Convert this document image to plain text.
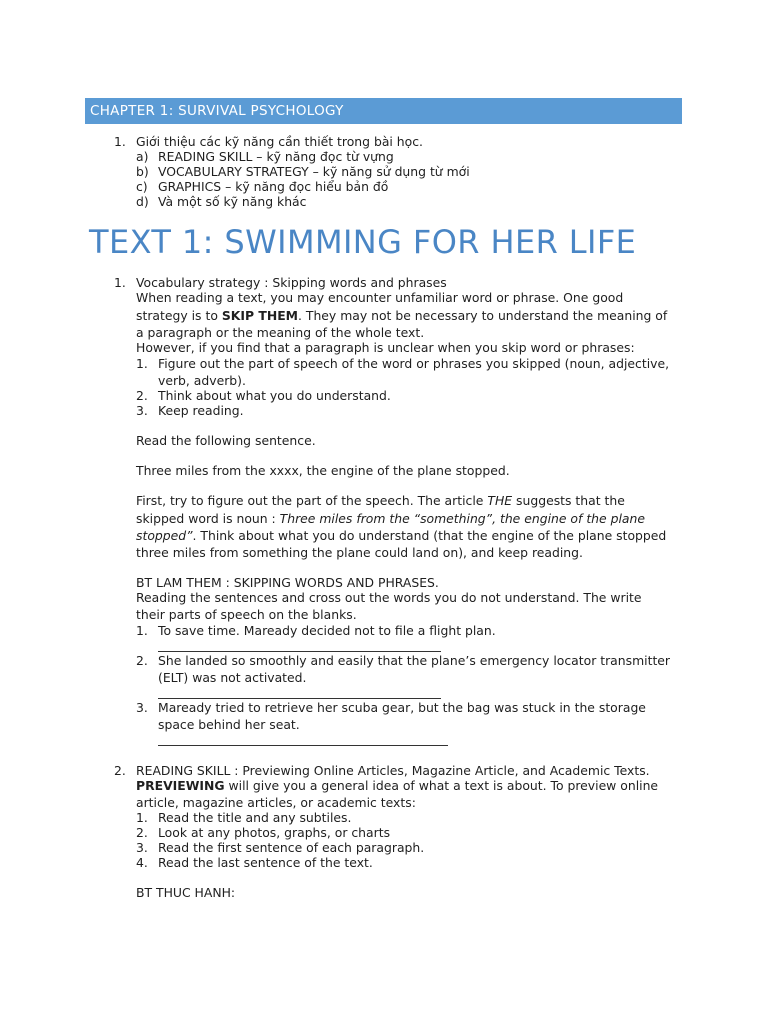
CHAPTER 1: SURVIVAL PSYCHOLOGY
1. Giới thiệu các kỹ năng cần thiết trong bài học.
a) READING SKILL – kỹ năng đọc từ vựng
b) VOCABULARY STRATEGY – kỹ năng sử dụng từ mới
c) GRAPHICS – kỹ năng đọc hiểu bản đồ
d) Và một số kỹ năng khác
TEXT 1: SWIMMING FOR HER LIFE
1. Vocabulary strategy : Skipping words and phrases
When reading a text, you may encounter unfamiliar word or phrase. One good
strategy is to SKIP THEM. They may not be necessary to understand the meaning of
a paragraph or the meaning of the whole text.
However, if you find that a paragraph is unclear when you skip word or phrases:
1. Figure out the part of speech of the word or phrases you skipped (noun, adjective,
verb, adverb).
2. Think about what you do understand.
3. Keep reading.
Read the following sentence.
Three miles from the xxxx, the engine of the plane stopped.
First, try to figure out the part of the speech. The article THE suggests that the
skipped word is noun : Three miles from the “something”, the engine of the plane
stopped”. Think about what you do understand (that the engine of the plane stopped
three miles from something the plane could land on), and keep reading.
BT LAM THEM : SKIPPING WORDS AND PHRASES.
Reading the sentences and cross out the words you do not understand. The write
their parts of speech on the blanks.
1. To save time. Maready decided not to file a flight plan.
2. She landed so smoothly and easily that the plane’s emergency locator transmitter
(ELT) was not activated.
3. Maready tried to retrieve her scuba gear, but the bag was stuck in the storage
space behind her seat.
2. READING SKILL : Previewing Online Articles, Magazine Article, and Academic Texts.
PREVIEWING will give you a general idea of what a text is about. To preview online
article, magazine articles, or academic texts:
1. Read the title and any subtiles.
2. Look at any photos, graphs, or charts
3. Read the first sentence of each paragraph.
4. Read the last sentence of the text.
BT THUC HANH:
